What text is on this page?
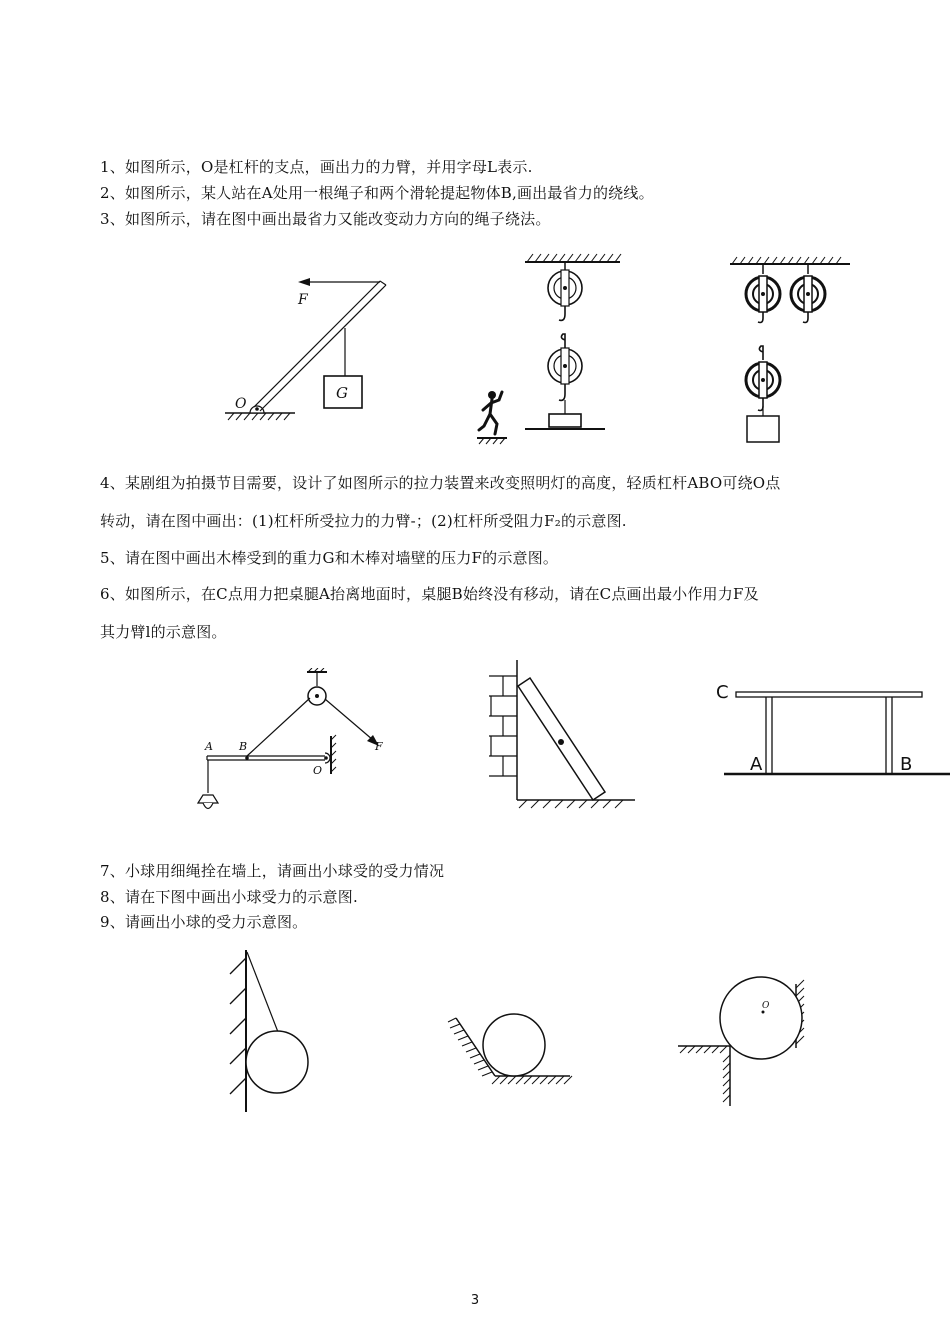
1、如图所示，O是杠杆的支点，画出力的力臂，并用字母L表示.
2、如图所示，某人站在A处用一根绳子和两个滑轮提起物体B,画出最省力的绕线。
3、如图所示，请在图中画出最省力又能改变动力方向的绳子绕法。
F
G
O
4、某剧组为拍摄节目需要，设计了如图所示的拉力装置来改变照明灯的高度，轻质杠杆ABO可绕O点
转动，请在图中画出：(1)杠杆所受拉力的力臂-；(2)杠杆所受阻力F₂的示意图.
5、请在图中画出木棒受到的重力G和木棒对墙壁的压力F的示意图。
6、如图所示，在C点用力把桌腿A抬离地面时，桌腿B始终没有移动，请在C点画出最小作用力F及
其力臂l的示意图。
F
O
A B
C
A	B
7、小球用细绳拴在墙上，请画出小球受的受力情况
8、请在下图中画出小球受力的示意图.
9、请画出小球的受力示意图。
O
3
